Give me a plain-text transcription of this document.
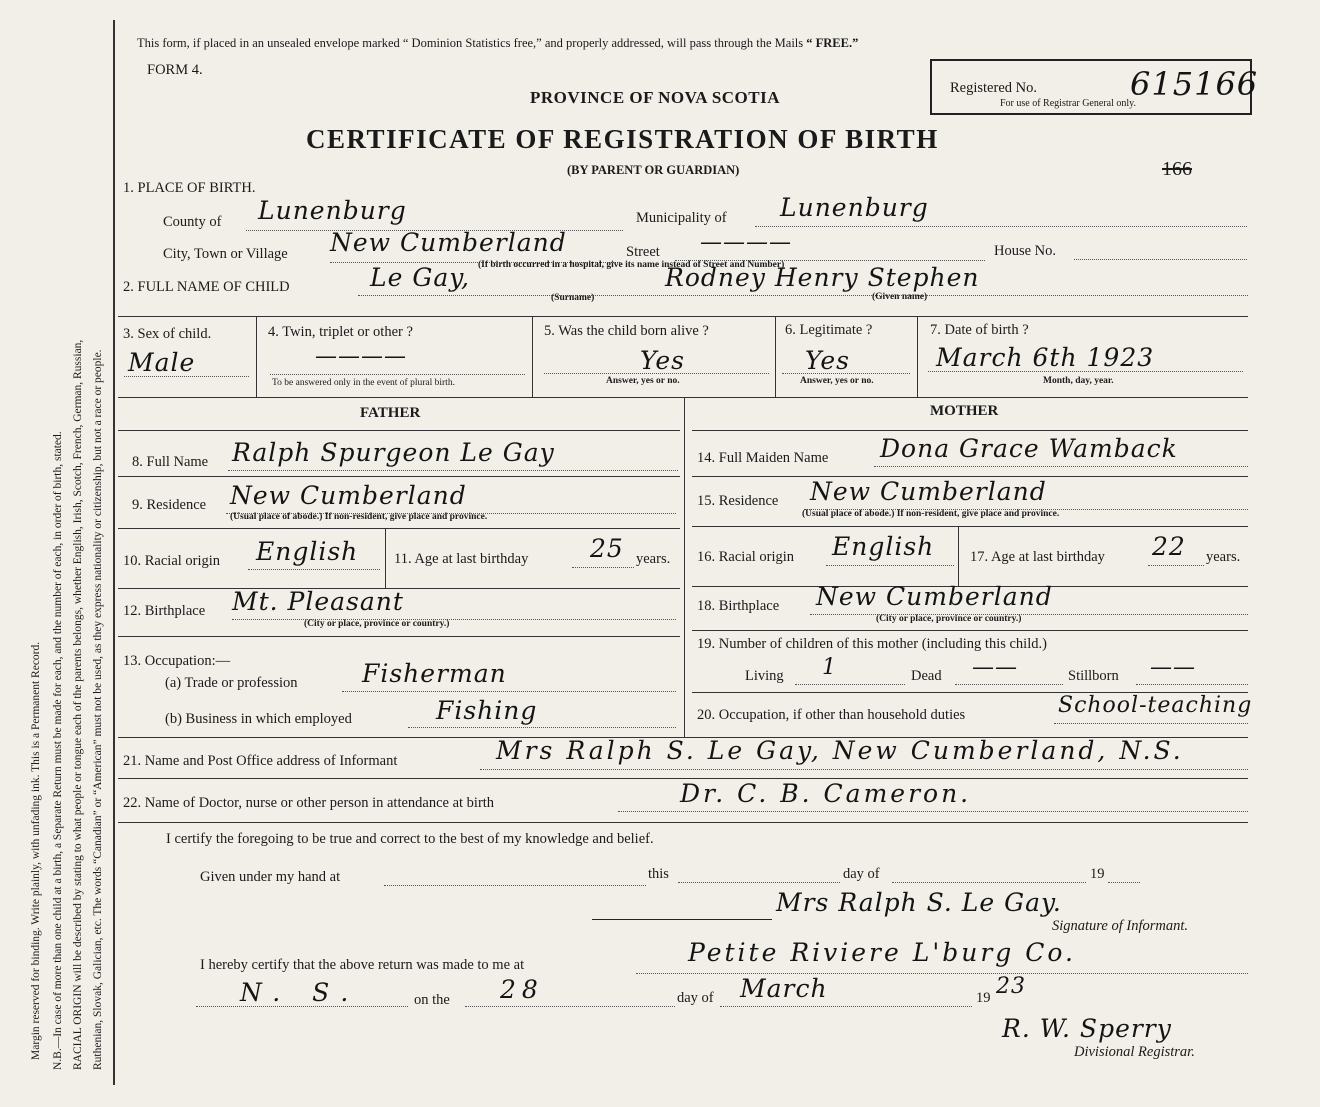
Margin reserved for binding. Write plainly, with unfading ink. This is a Permanent Record. N.B.—In case of more than one child at a birth, a Separate Return must be made for each, and the number of each, in order of birth, stated. RACIAL ORIGIN will be described by stating to what people or tongue each of the parents belongs, whether English, Irish, Scotch, French, German, Russian, Ruthenian, Slovak, Galician, etc. The words “Canadian” or “American” must not be used, as they express nationality or citizenship, but not a race or people.
This form, if placed in an unsealed envelope marked “ Dominion Statistics free,” and properly addressed, will pass through the Mails “ FREE.”
FORM 4.
PROVINCE OF NOVA SCOTIA	Registered No.
For use of Registrar General only.
615166
CERTIFICATE OF REGISTRATION OF BIRTH
(BY PARENT OR GUARDIAN)	166
1. PLACE OF BIRTH.
County of Lunenburg	Municipality of Lunenburg
City, Town or Village New Cumberland	Street ————	House No.
(If birth occurred in a hospital, give its name instead of Street and Number)
2. FULL NAME OF CHILD	Le Gay,
(Surname)
Rodney Henry Stephen
(Given name)
3. Sex of child.
Male
4. Twin, triplet or other ?
————
To be answered only in the event of plural birth.
5. Was the child born alive ?
Yes
Answer, yes or no.
6. Legitimate ?
Yes
Answer, yes or no.
7. Date of birth ?
March 6th 1923
Month, day, year.
FATHER	MOTHER
8. Full Name Ralph Spurgeon Le Gay	14. Full Maiden Name Dona Grace Wamback
9. Residence New Cumberland
(Usual place of abode.) If non-resident, give place and province.
15. Residence New Cumberland
(Usual place of abode.) If non-resident, give place and province.
10. Racial origin English 11. Age at last birthday 25 years. 16. Racial origin English 17. Age at last birthday 22 years.
12. Birthplace Mt. Pleasant
(City or place, province or country.)
18. Birthplace New Cumberland
(City or place, province or country.)
13. Occupation:—
(a) Trade or profession	Fisherman
(b) Business in which employed	Fishing
19. Number of children of this mother (including this child.)
Living 1	Dead ——	Stillborn ——
20. Occupation, if other than household duties	School-teaching
21. Name and Post Office address of Informant	Mrs Ralph S. Le Gay, New Cumberland, N.S.
22. Name of Doctor, nurse or other person in attendance at birth	Dr. C. B. Cameron.
I certify the foregoing to be true and correct to the best of my knowledge and belief.
Given under my hand at	this	day of	19
Mrs Ralph S. Le Gay.
Signature of Informant.
I hereby certify that the above return was made to me at	Petite Riviere L'burg Co.
N. S.	on the 28	day of March	19 23
R. W. Sperry
Divisional Registrar.
